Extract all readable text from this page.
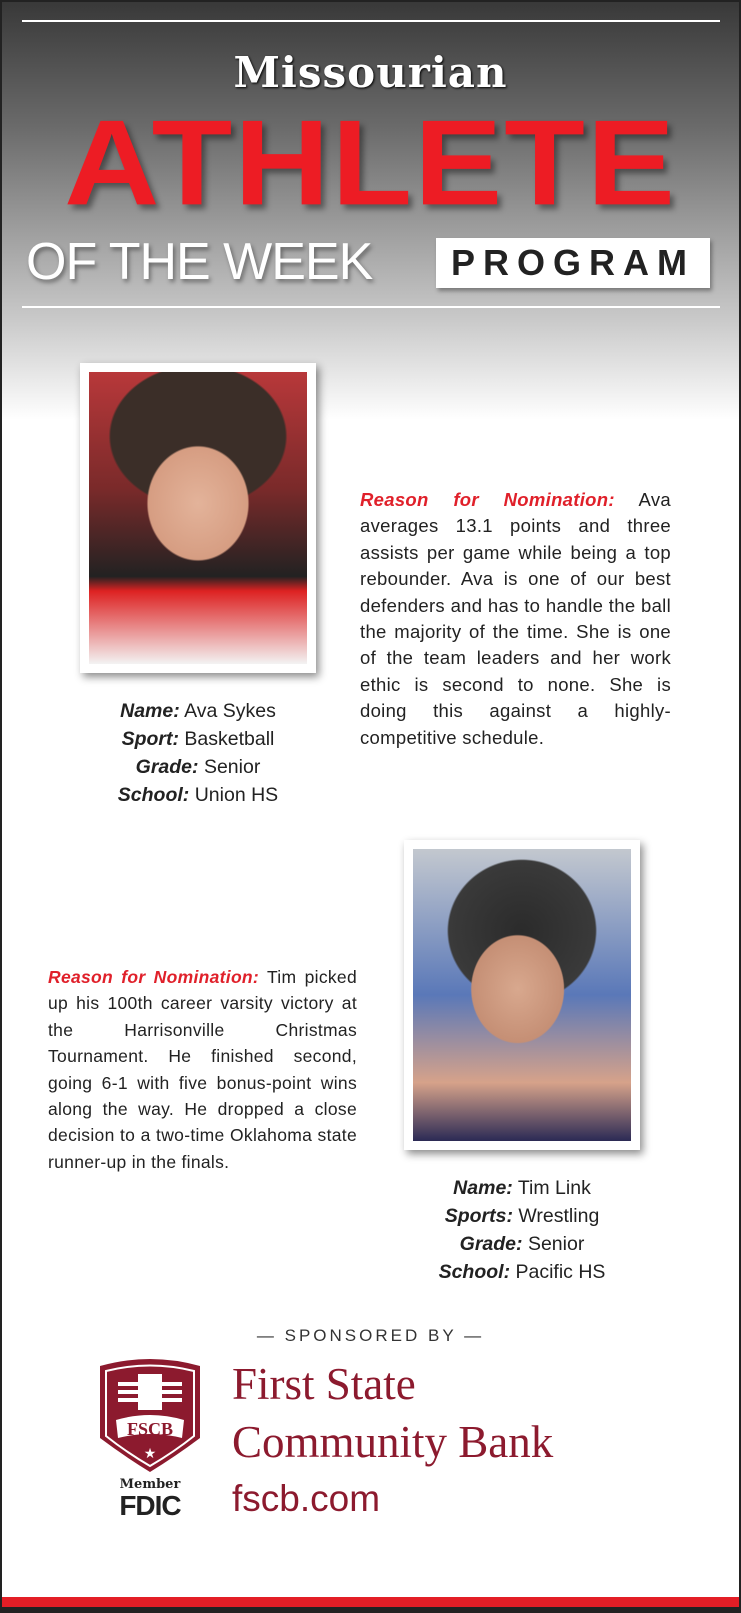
Missourian
ATHLETE
OF THE WEEK	PROGRAM
Reason for Nomination: Ava averages 13.1 points and three assists per game while being a top rebounder. Ava is one of our best defenders and has to handle the ball the majority of the time. She is one of the team leaders and her work ethic is second to none. She is doing this against a highly-competitive schedule.
Name: Ava Sykes
Sport: Basketball
Grade: Senior
School: Union HS
Reason for Nomination: Tim picked up his 100th career varsity victory at the Harrisonville Christmas Tournament. He finished second, going 6-1 with five bonus-point wins along the way. He dropped a close decision to a two-time Oklahoma state runner-up in the finals.
Name: Tim Link
Sports: Wrestling
Grade: Senior
School: Pacific HS
— SPONSORED BY —
FSCB
★
Member
FDIC
First State
Community Bank
fscb.com
